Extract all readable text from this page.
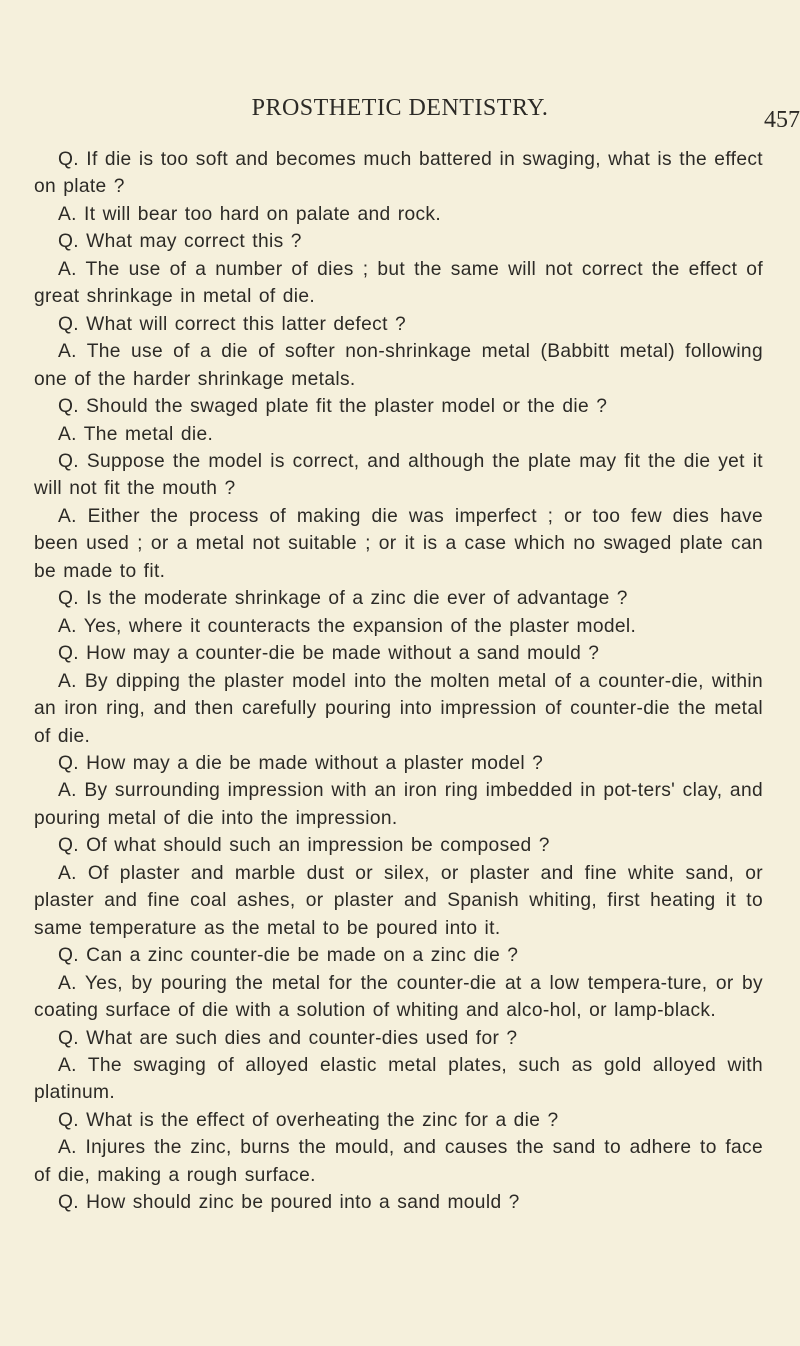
PROSTHETIC DENTISTRY.	457

Q. If die is too soft and becomes much battered in swaging, what is the effect on plate ?

A. It will bear too hard on palate and rock.

Q. What may correct this ?

A. The use of a number of dies ; but the same will not correct the effect of great shrinkage in metal of die.

Q. What will correct this latter defect ?

A. The use of a die of softer non-shrinkage metal (Babbitt metal) following one of the harder shrinkage metals.

Q. Should the swaged plate fit the plaster model or the die ?

A. The metal die.

Q. Suppose the model is correct, and although the plate may fit the die yet it will not fit the mouth ?

A. Either the process of making die was imperfect ; or too few dies have been used ; or a metal not suitable ; or it is a case which no swaged plate can be made to fit.

Q. Is the moderate shrinkage of a zinc die ever of advantage ?

A. Yes, where it counteracts the expansion of the plaster model.

Q. How may a counter-die be made without a sand mould ?

A. By dipping the plaster model into the molten metal of a counter-die, within an iron ring, and then carefully pouring into impression of counter-die the metal of die.

Q. How may a die be made without a plaster model ?

A. By surrounding impression with an iron ring imbedded in pot-ters' clay, and pouring metal of die into the impression.

Q. Of what should such an impression be composed ?

A. Of plaster and marble dust or silex, or plaster and fine white sand, or plaster and fine coal ashes, or plaster and Spanish whiting, first heating it to same temperature as the metal to be poured into it.

Q. Can a zinc counter-die be made on a zinc die ?

A. Yes, by pouring the metal for the counter-die at a low tempera-ture, or by coating surface of die with a solution of whiting and alco-hol, or lamp-black.

Q. What are such dies and counter-dies used for ?

A. The swaging of alloyed elastic metal plates, such as gold alloyed with platinum.

Q. What is the effect of overheating the zinc for a die ?

A. Injures the zinc, burns the mould, and causes the sand to adhere to face of die, making a rough surface.

Q. How should zinc be poured into a sand mould ?
